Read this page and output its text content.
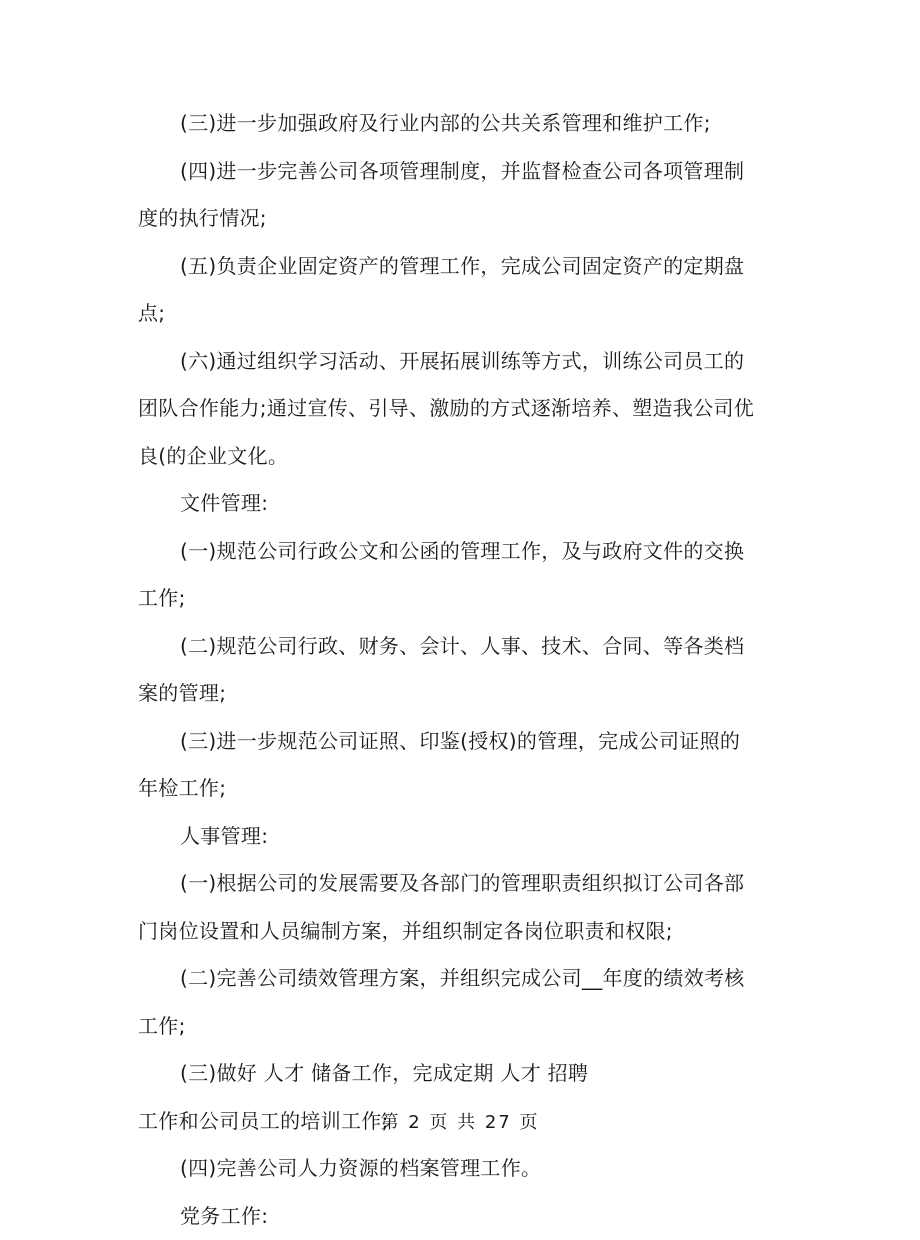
(三)进一步加强政府及行业内部的公共关系管理和维护工作;
(四)进一步完善公司各项管理制度，并监督检查公司各项管理制
度的执行情况;
(五)负责企业固定资产的管理工作，完成公司固定资产的定期盘
点;
(六)通过组织学习活动、开展拓展训练等方式，训练公司员工的
团队合作能力;通过宣传、引导、激励的方式逐渐培养、塑造我公司优
良(的企业文化。
文件管理:
(一)规范公司行政公文和公函的管理工作，及与政府文件的交换
工作;
(二)规范公司行政、财务、会计、人事、技术、合同、等各类档
案的管理;
(三)进一步规范公司证照、印鉴(授权)的管理，完成公司证照的
年检工作;
人事管理:
(一)根据公司的发展需要及各部门的管理职责组织拟订公司各部
门岗位设置和人员编制方案，并组织制定各岗位职责和权限;
(二)完善公司绩效管理方案，并组织完成公司__年度的绩效考核
工作;
(三)做好 人才 储备工作，完成定期 人才 招聘
工作和公司员工的培训工作;
(四)完善公司人力资源的档案管理工作。
党务工作:
第 2 页 共 27 页
